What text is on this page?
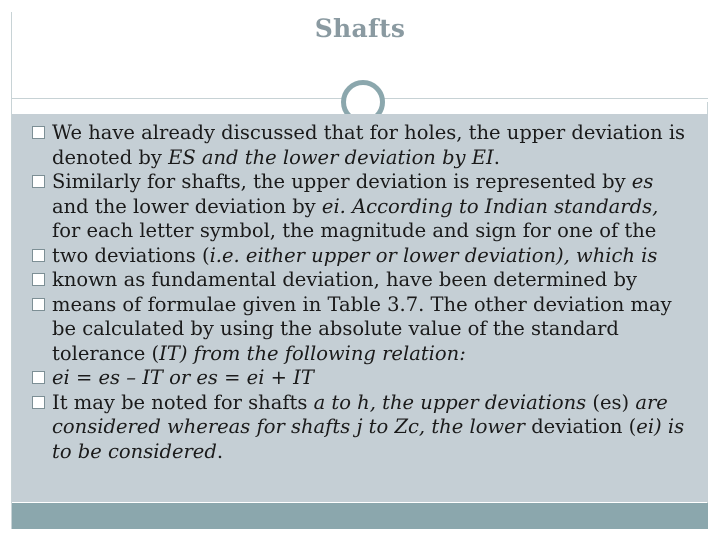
Shafts
We have already discussed that for holes, the upper deviation is denoted by ES and the lower deviation by EI.
Similarly for shafts, the upper deviation is represented by es and the lower deviation by ei. According to Indian standards, for each letter symbol, the magnitude and sign for one of the
two deviations (i.e. either upper or lower deviation), which is
known as fundamental deviation, have been determined by
means of formulae given in Table 3.7. The other deviation may be calculated by using the absolute value of the standard tolerance (IT) from the following relation:
ei = es – IT or es = ei + IT
It may be noted for shafts a to h, the upper deviations (es) are considered whereas for shafts j to Zc, the lower deviation (ei) is to be considered.
